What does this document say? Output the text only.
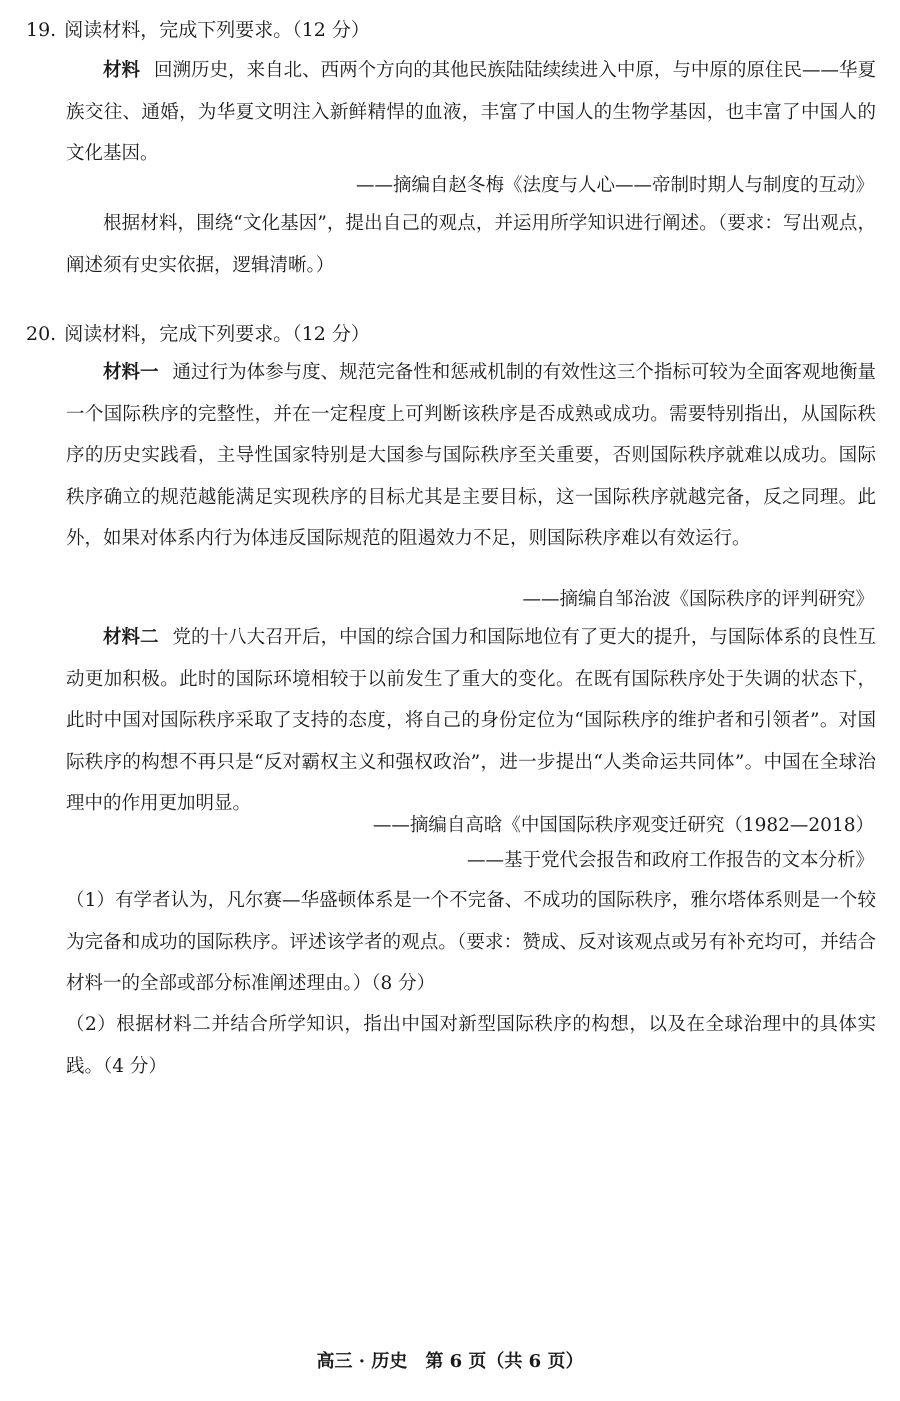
19. 阅读材料，完成下列要求。（12 分）
材料 回溯历史，来自北、西两个方向的其他民族陆陆续续进入中原，与中原的原住民——华夏族交往、通婚，为华夏文明注入新鲜精悍的血液，丰富了中国人的生物学基因，也丰富了中国人的文化基因。
——摘编自赵冬梅《法度与人心——帝制时期人与制度的互动》
根据材料，围绕“文化基因”，提出自己的观点，并运用所学知识进行阐述。（要求：写出观点，阐述须有史实依据，逻辑清晰。）
20. 阅读材料，完成下列要求。（12 分）
材料一 通过行为体参与度、规范完备性和惩戒机制的有效性这三个指标可较为全面客观地衡量一个国际秩序的完整性，并在一定程度上可判断该秩序是否成熟或成功。需要特别指出，从国际秩序的历史实践看，主导性国家特别是大国参与国际秩序至关重要，否则国际秩序就难以成功。国际秩序确立的规范越能满足实现秩序的目标尤其是主要目标，这一国际秩序就越完备，反之同理。此外，如果对体系内行为体违反国际规范的阻遏效力不足，则国际秩序难以有效运行。
——摘编自邹治波《国际秩序的评判研究》
材料二 党的十八大召开后，中国的综合国力和国际地位有了更大的提升，与国际体系的良性互动更加积极。此时的国际环境相较于以前发生了重大的变化。在既有国际秩序处于失调的状态下，此时中国对国际秩序采取了支持的态度，将自己的身份定位为“国际秩序的维护者和引领者”。对国际秩序的构想不再只是“反对霸权主义和强权政治”，进一步提出“人类命运共同体”。中国在全球治理中的作用更加明显。
——摘编自高晗《中国国际秩序观变迁研究（1982—2018）
——基于党代会报告和政府工作报告的文本分析》
（1）有学者认为，凡尔赛—华盛顿体系是一个不完备、不成功的国际秩序，雅尔塔体系则是一个较为完备和成功的国际秩序。评述该学者的观点。（要求：赞成、反对该观点或另有补充均可，并结合材料一的全部或部分标准阐述理由。）（8 分）
（2）根据材料二并结合所学知识，指出中国对新型国际秩序的构想，以及在全球治理中的具体实践。（4 分）
高三 · 历史　第 6 页（共 6 页）
